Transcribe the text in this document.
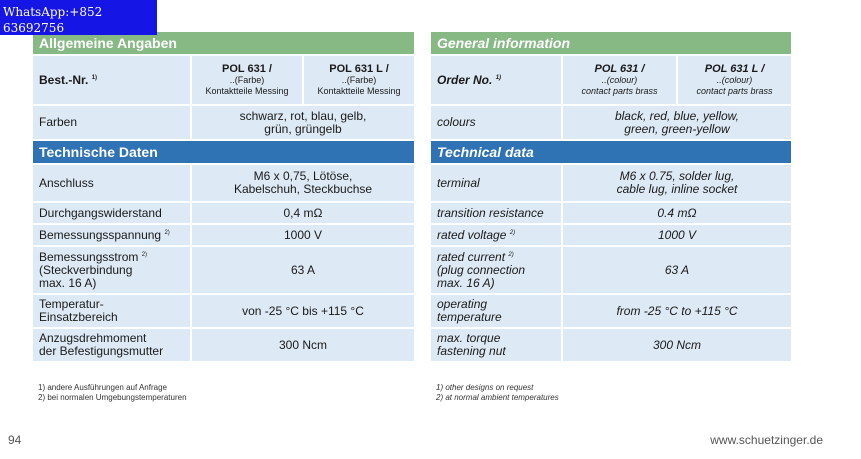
WhatsApp:+852 63692756
Allgemeine Angaben		
Best.-Nr. $^{1)}$	POL 631 /
..(Farbe)
Kontaktteile Messing	POL 631 L /
..(Farbe)
Kontaktteile Messing

Farben	schwarz, rot, blau, gelb,
grün, grüngelb	
Technische Daten		
Anschluss	M6 x 0,75, Lötöse,
Kabelschuh, Steckbuchse	
Durchgangswiderstand	0,4 mΩ	
Bemessungsspannung $^{2)}$	1000 V	
Bemessungsstrom $^{2)}$
(Steckverbindung
max. 16 A)	63 A	
Temperatur-
Einsatzbereich	von -25 °C bis +115 °C	
Anzugsdrehmoment
der Befestigungsmutter	300 Ncm	
General information		
Order No. $^{1)}$	POL 631 /
..(colour)
contact parts brass	POL 631 L /
..(colour)
contact parts brass

colours	black, red, blue, yellow,
green, green-yellow	
Technical data		
terminal	M6 x 0.75, solder lug,
cable lug, inline socket	
transition resistance	0.4 mΩ	
rated voltage $^{2)}$	1000 V	
rated current $^{2)}$
(plug connection
max. 16 A)	63 A	
operating
temperature	from -25 °C to +115 °C	
max. torque
fastening nut	300 Ncm	
1) andere Ausführungen auf Anfrage
2) bei normalen Umgebungstemperaturen
1) other designs on request
2) at normal ambient temperatures
94	www.schuetzinger.de
